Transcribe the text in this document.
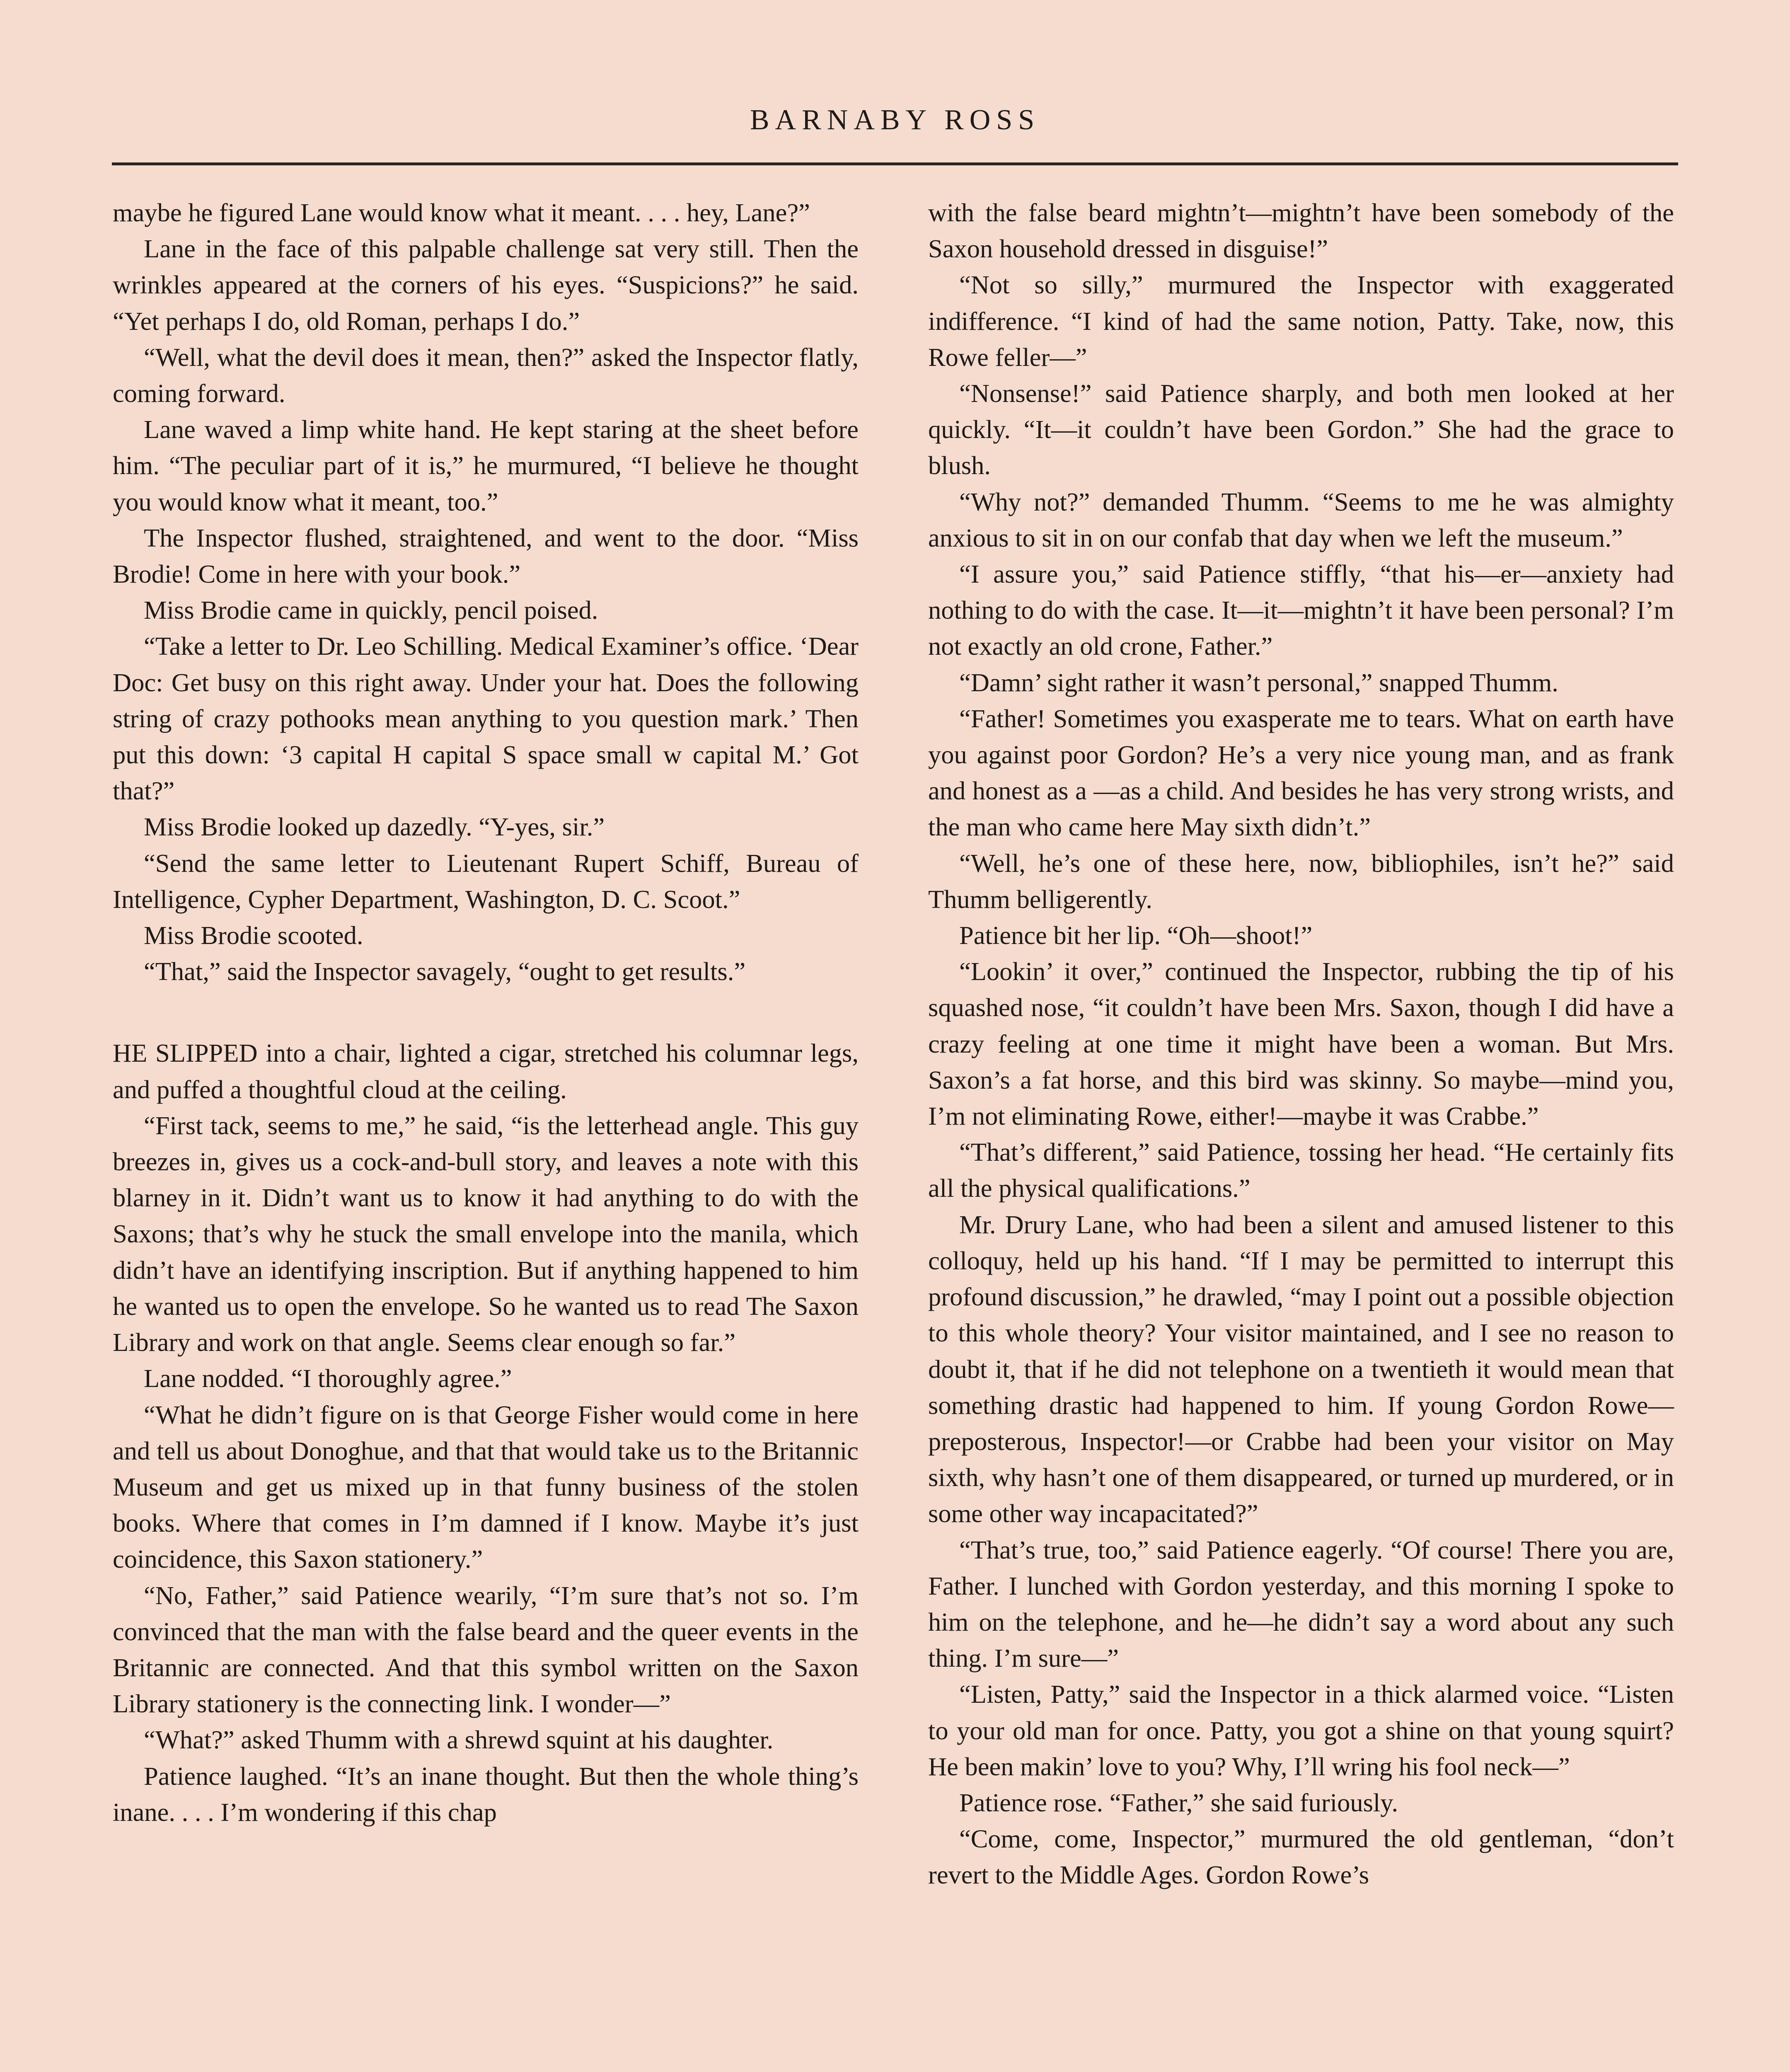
BARNABY ROSS

maybe he figured Lane would know what it meant. . . . hey, Lane?”

Lane in the face of this palpable challenge sat very still. Then the wrinkles appeared at the corners of his eyes. “Suspicions?” he said. “Yet perhaps I do, old Roman, perhaps I do.”

“Well, what the devil does it mean, then?” asked the Inspector flatly, coming forward.

Lane waved a limp white hand. He kept staring at the sheet before him. “The peculiar part of it is,” he murmured, “I believe he thought you would know what it meant, too.”

The Inspector flushed, straightened, and went to the door. “Miss Brodie! Come in here with your book.”

Miss Brodie came in quickly, pencil poised.

“Take a letter to Dr. Leo Schilling. Medical Examiner’s office. ‘Dear Doc: Get busy on this right away. Under your hat. Does the following string of crazy pothooks mean anything to you question mark.’ Then put this down: ‘3 capital H capital S space small w capital M.’ Got that?”

Miss Brodie looked up dazedly. “Y-yes, sir.”

“Send the same letter to Lieutenant Rupert Schiff, Bureau of Intelligence, Cypher Department, Washington, D. C. Scoot.”

Miss Brodie scooted.

“That,” said the Inspector savagely, “ought to get results.”

HE SLIPPED into a chair, lighted a cigar, stretched his columnar legs, and puffed a thoughtful cloud at the ceiling.

“First tack, seems to me,” he said, “is the letterhead angle. This guy breezes in, gives us a cock-and-bull story, and leaves a note with this blarney in it. Didn’t want us to know it had anything to do with the Saxons; that’s why he stuck the small envelope into the manila, which didn’t have an identifying inscription. But if anything happened to him he wanted us to open the envelope. So he wanted us to read The Saxon Library and work on that angle. Seems clear enough so far.”

Lane nodded. “I thoroughly agree.”

“What he didn’t figure on is that George Fisher would come in here and tell us about Donoghue, and that that would take us to the Britannic Museum and get us mixed up in that funny business of the stolen books. Where that comes in I’m damned if I know. Maybe it’s just coincidence, this Saxon stationery.”

“No, Father,” said Patience wearily, “I’m sure that’s not so. I’m convinced that the man with the false beard and the queer events in the Britannic are connected. And that this symbol written on the Saxon Library stationery is the connecting link. I wonder—”

“What?” asked Thumm with a shrewd squint at his daughter.

Patience laughed. “It’s an inane thought. But then the whole thing’s inane. . . . I’m wondering if this chap

with the false beard mightn’t—mightn’t have been somebody of the Saxon household dressed in disguise!”

“Not so silly,” murmured the Inspector with exaggerated indifference. “I kind of had the same notion, Patty. Take, now, this Rowe feller—”

“Nonsense!” said Patience sharply, and both men looked at her quickly. “It—it couldn’t have been Gordon.” She had the grace to blush.

“Why not?” demanded Thumm. “Seems to me he was almighty anxious to sit in on our confab that day when we left the museum.”

“I assure you,” said Patience stiffly, “that his—er—anxiety had nothing to do with the case. It—it—mightn’t it have been personal? I’m not exactly an old crone, Father.”

“Damn’ sight rather it wasn’t personal,” snapped Thumm.

“Father! Sometimes you exasperate me to tears. What on earth have you against poor Gordon? He’s a very nice young man, and as frank and honest as a —as a child. And besides he has very strong wrists, and the man who came here May sixth didn’t.”

“Well, he’s one of these here, now, bibliophiles, isn’t he?” said Thumm belligerently.

Patience bit her lip. “Oh—shoot!”

“Lookin’ it over,” continued the Inspector, rubbing the tip of his squashed nose, “it couldn’t have been Mrs. Saxon, though I did have a crazy feeling at one time it might have been a woman. But Mrs. Saxon’s a fat horse, and this bird was skinny. So maybe—mind you, I’m not eliminating Rowe, either!—maybe it was Crabbe.”

“That’s different,” said Patience, tossing her head. “He certainly fits all the physical qualifications.”

Mr. Drury Lane, who had been a silent and amused listener to this colloquy, held up his hand. “If I may be permitted to interrupt this profound discussion,” he drawled, “may I point out a possible objection to this whole theory? Your visitor maintained, and I see no reason to doubt it, that if he did not telephone on a twentieth it would mean that something drastic had happened to him. If young Gordon Rowe—preposterous, Inspector!—or Crabbe had been your visitor on May sixth, why hasn’t one of them disappeared, or turned up murdered, or in some other way incapacitated?”

“That’s true, too,” said Patience eagerly. “Of course! There you are, Father. I lunched with Gordon yesterday, and this morning I spoke to him on the telephone, and he—he didn’t say a word about any such thing. I’m sure—”

“Listen, Patty,” said the Inspector in a thick alarmed voice. “Listen to your old man for once. Patty, you got a shine on that young squirt? He been makin’ love to you? Why, I’ll wring his fool neck—”

Patience rose. “Father,” she said furiously.

“Come, come, Inspector,” murmured the old gentleman, “don’t revert to the Middle Ages. Gordon Rowe’s
